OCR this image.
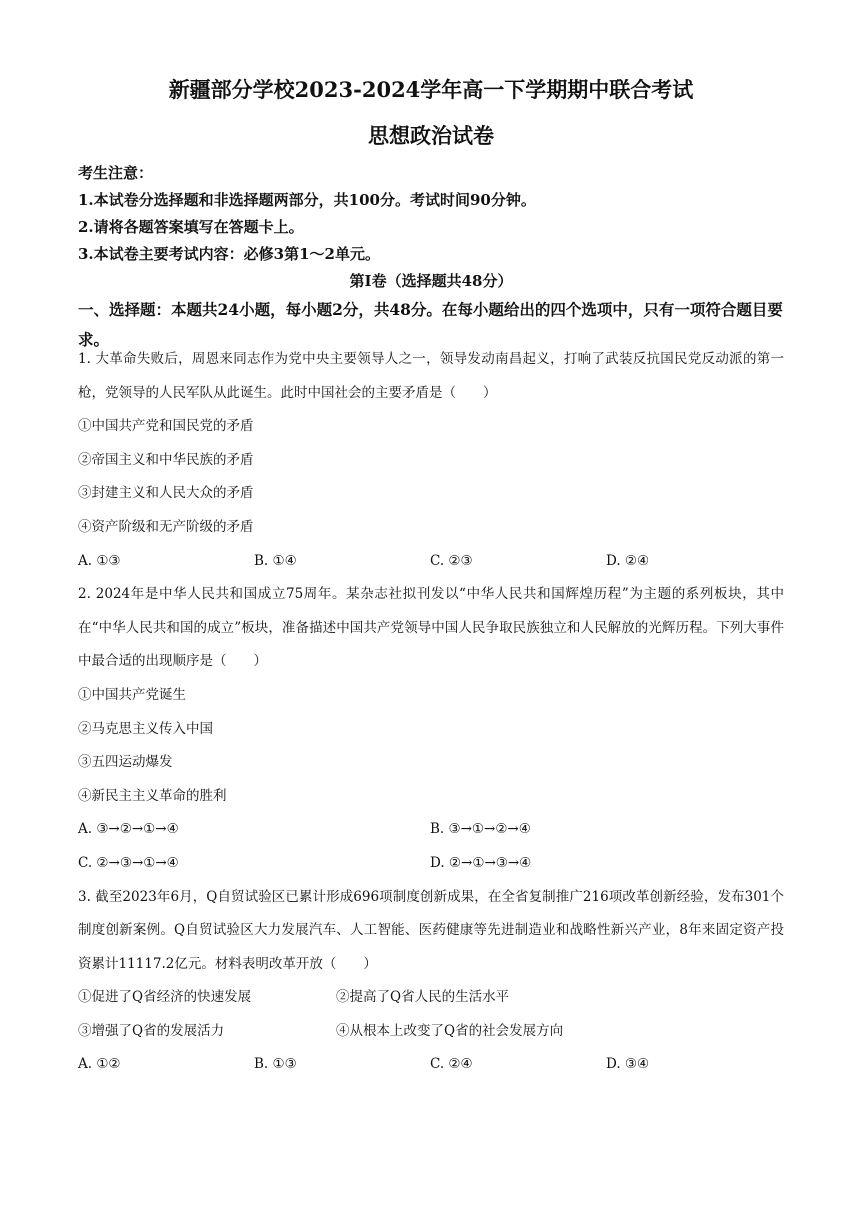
新疆部分学校2023-2024学年高一下学期期中联合考试
思想政治试卷
考生注意：
1.本试卷分选择题和非选择题两部分，共100分。考试时间90分钟。
2.请将各题答案填写在答题卡上。
3.本试卷主要考试内容：必修3第1～2单元。
第Ⅰ卷（选择题共48分）
一、选择题：本题共24小题，每小题2分，共48分。在每小题给出的四个选项中，只有一项符合题目要求。
1. 大革命失败后，周恩来同志作为党中央主要领导人之一，领导发动南昌起义，打响了武装反抗国民党反动派的第一枪，党领导的人民军队从此诞生。此时中国社会的主要矛盾是（　　）
①中国共产党和国民党的矛盾
②帝国主义和中华民族的矛盾
③封建主义和人民大众的矛盾
④资产阶级和无产阶级的矛盾
A. ①③	B. ①④	C. ②③	D. ②④
2. 2024年是中华人民共和国成立75周年。某杂志社拟刊发以“中华人民共和国辉煌历程”为主题的系列板块，其中在“中华人民共和国的成立”板块，准备描述中国共产党领导中国人民争取民族独立和人民解放的光辉历程。下列大事件中最合适的出现顺序是（　　）
①中国共产党诞生
②马克思主义传入中国
③五四运动爆发
④新民主主义革命的胜利
A. ③→②→①→④	B. ③→①→②→④
C. ②→③→①→④	D. ②→①→③→④
3. 截至2023年6月，Q自贸试验区已累计形成696项制度创新成果，在全省复制推广216项改革创新经验，发布301个制度创新案例。Q自贸试验区大力发展汽车、人工智能、医药健康等先进制造业和战略性新兴产业，8年来固定资产投资累计11117.2亿元。材料表明改革开放（　　）
①促进了Q省经济的快速发展	②提高了Q省人民的生活水平
③增强了Q省的发展活力	④从根本上改变了Q省的社会发展方向
A. ①②	B. ①③	C. ②④	D. ③④
